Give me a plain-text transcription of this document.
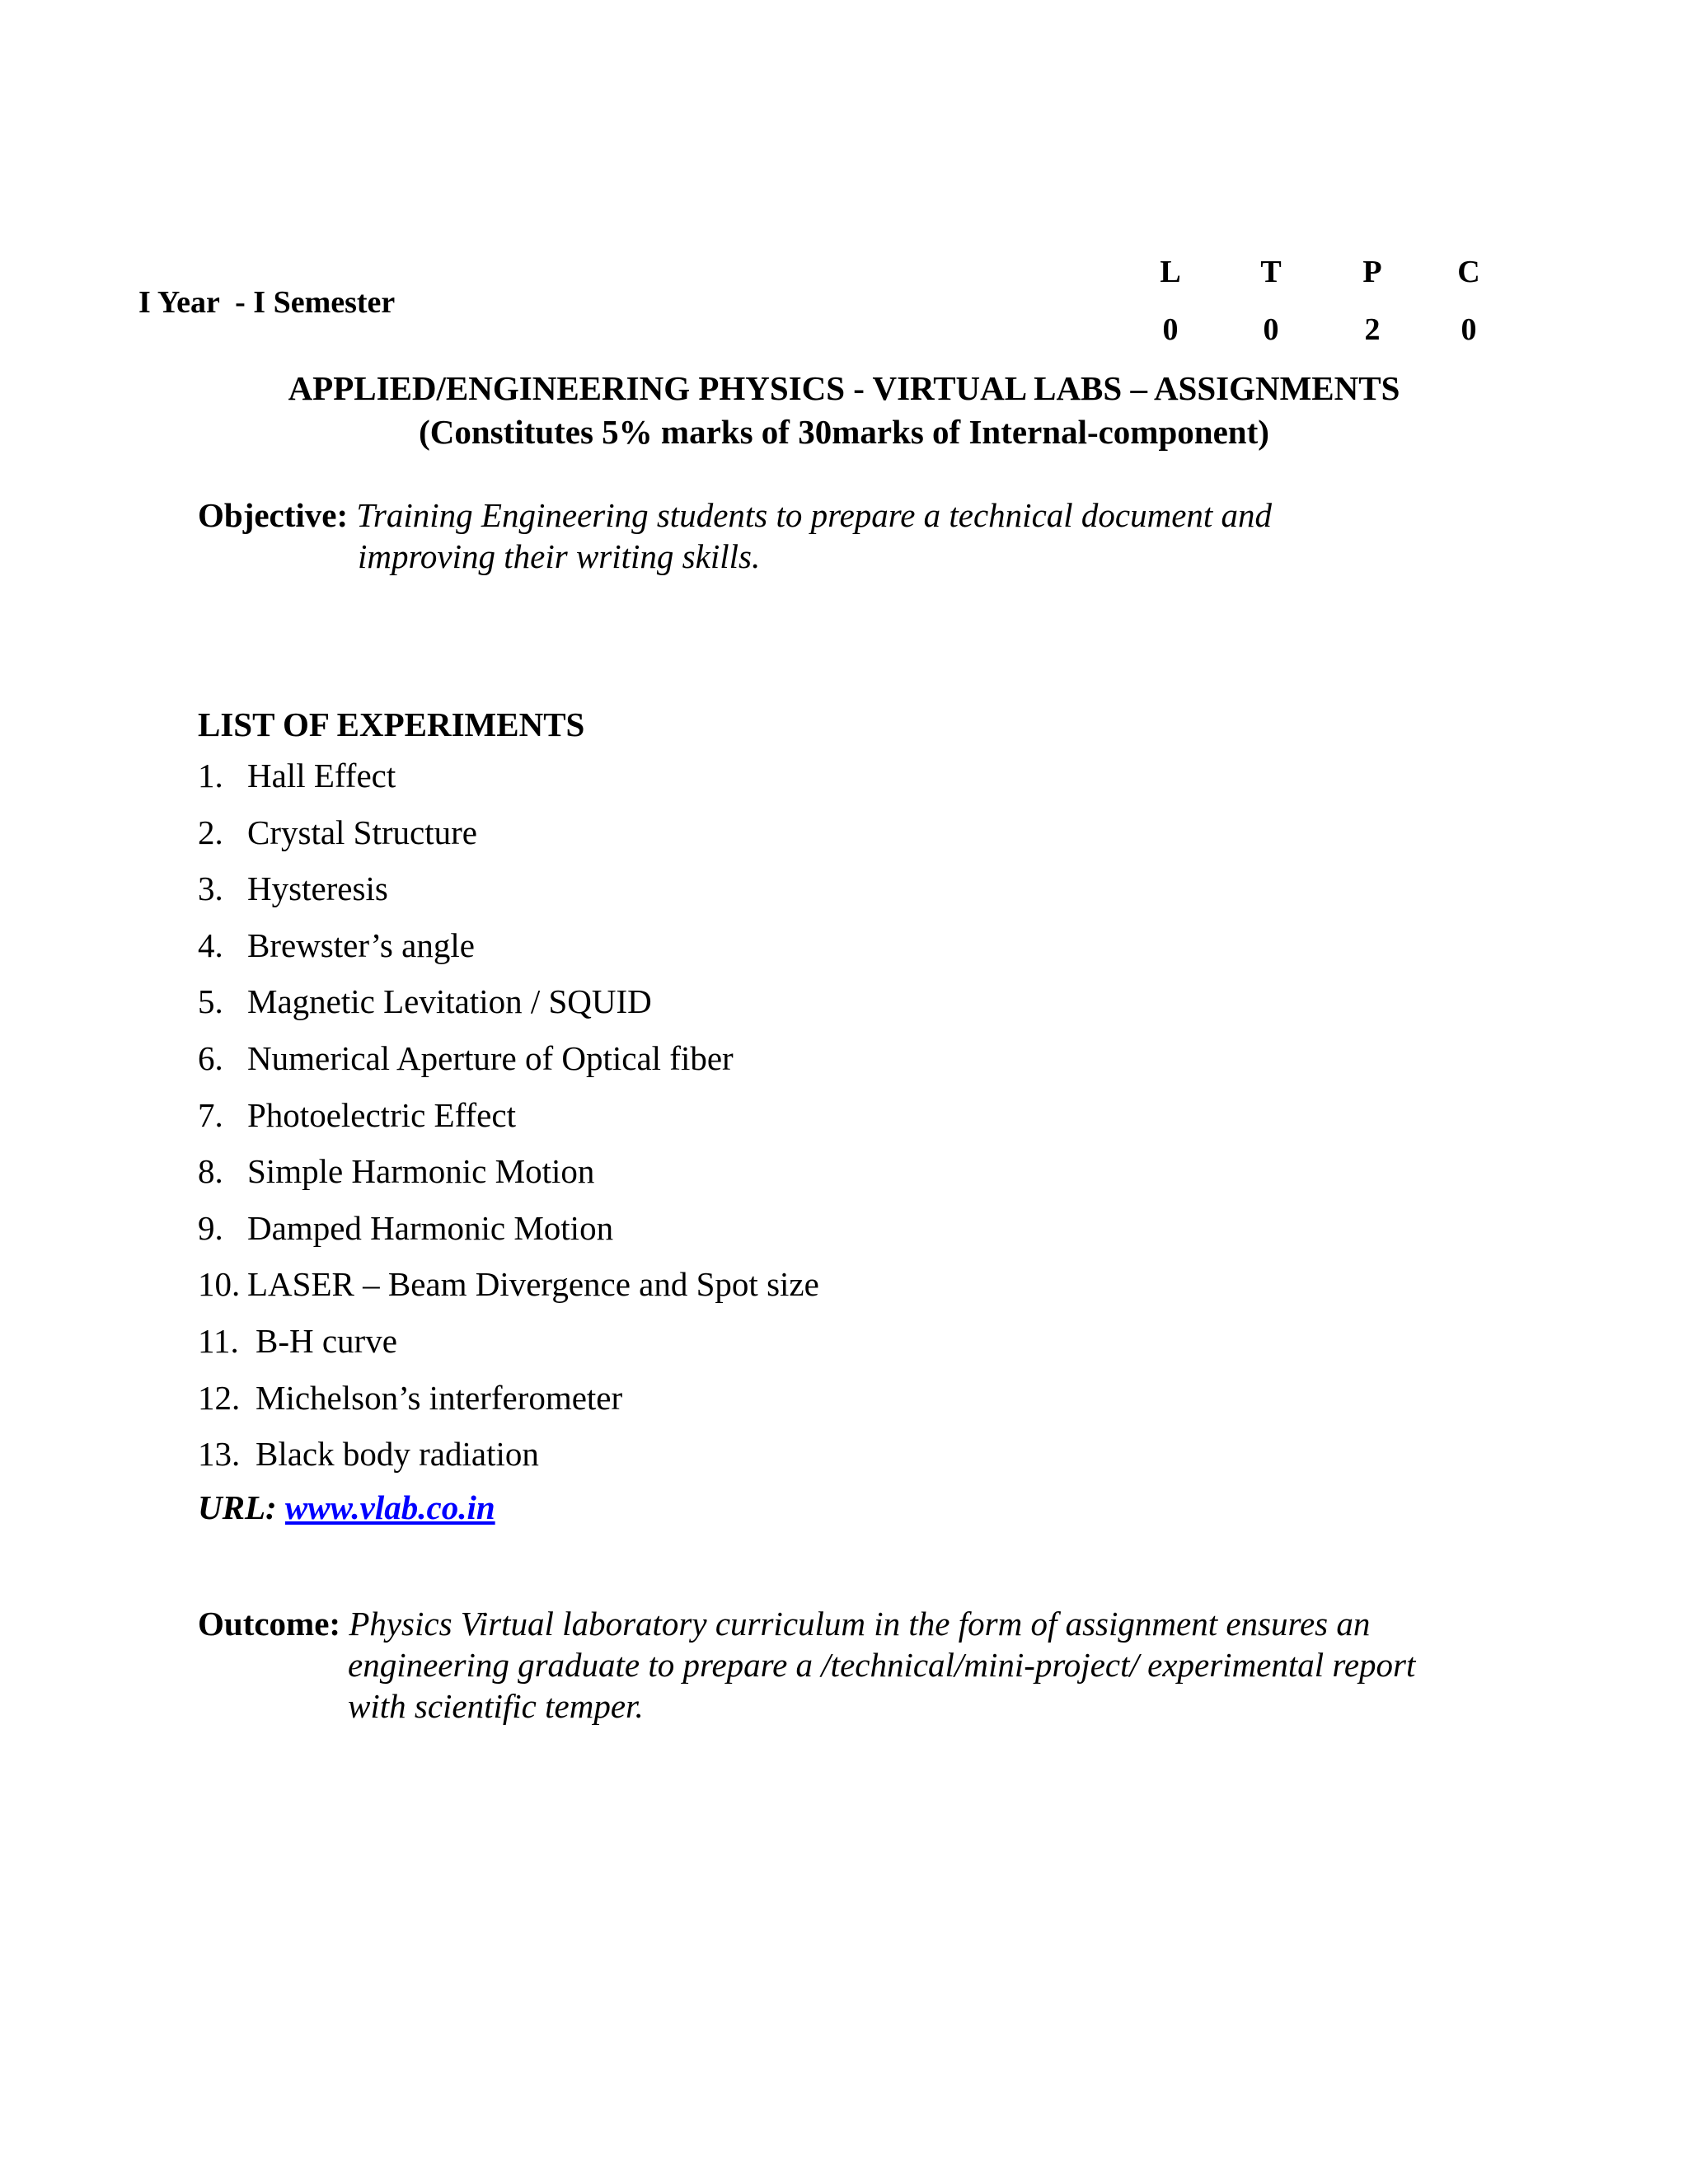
I Year  - I Semester
L	T	P C
0	0	2	0
APPLIED/ENGINEERING PHYSICS - VIRTUAL LABS – ASSIGNMENTS
(Constitutes 5% marks of 30marks of Internal-component)
Objective: Training Engineering students to prepare a technical document and
improving their writing skills.
LIST OF EXPERIMENTS
1. Hall Effect
2. Crystal Structure
3. Hysteresis
4. Brewster’s angle
5. Magnetic Levitation / SQUID
6. Numerical Aperture of Optical fiber
7. Photoelectric Effect
8. Simple Harmonic Motion
9. Damped Harmonic Motion
10. LASER – Beam Divergence and Spot size
11. B-H curve
12. Michelson’s interferometer
13. Black body radiation
URL: www.vlab.co.in
Outcome: Physics Virtual laboratory curriculum in the form of assignment ensures an
engineering graduate to prepare a /technical/mini-project/ experimental report
with scientific temper.
